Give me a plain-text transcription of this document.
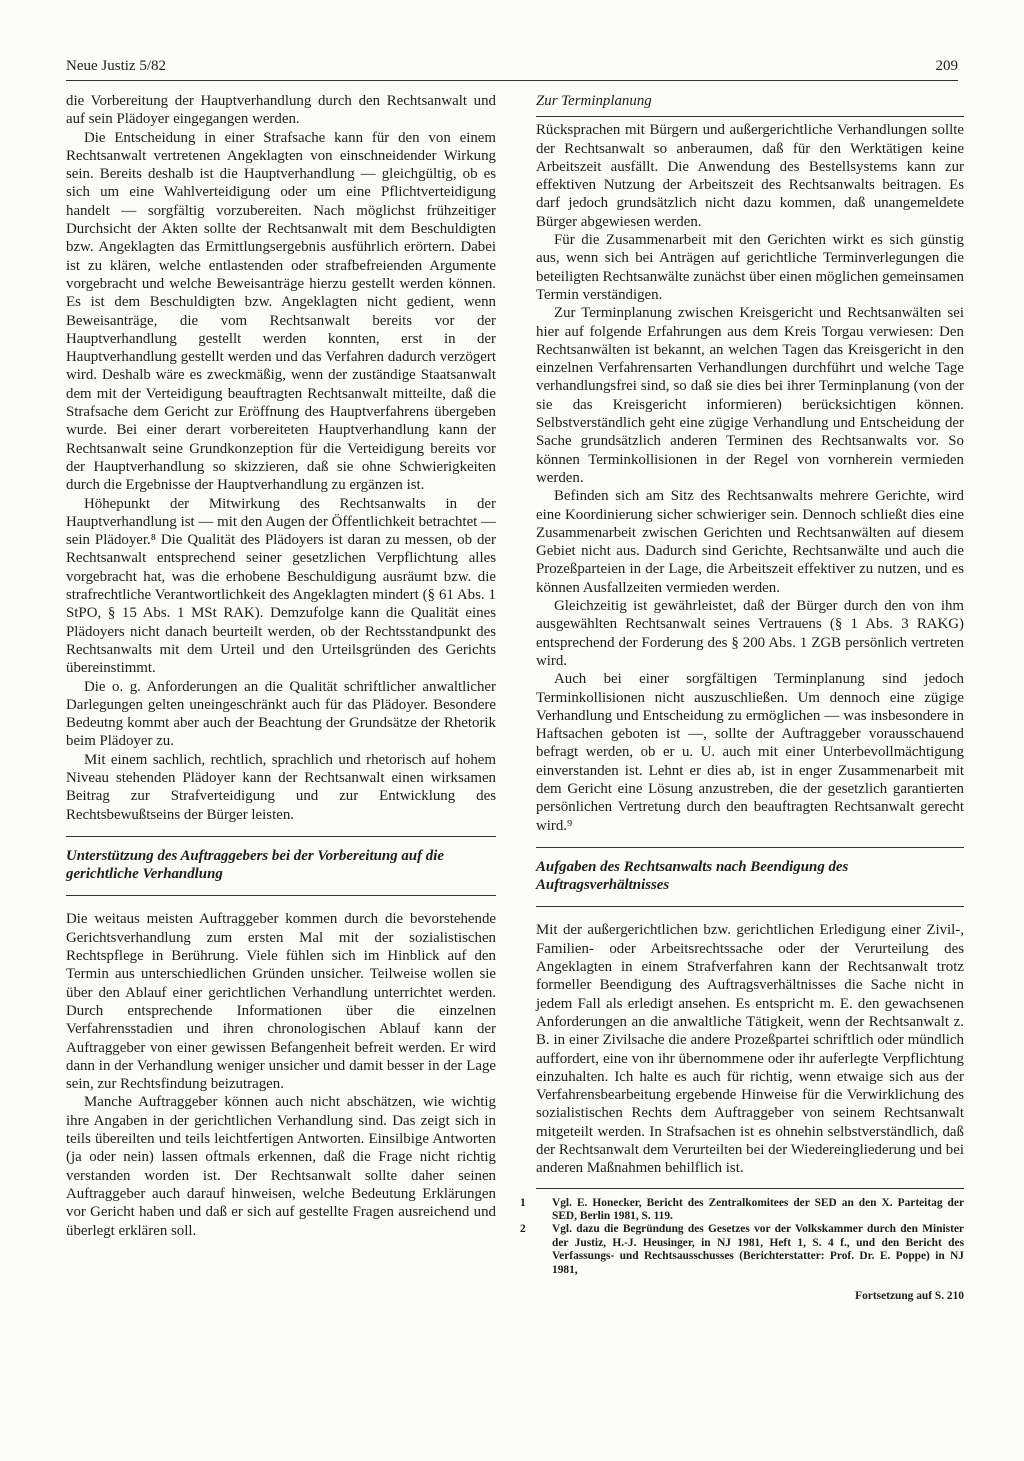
Neue Justiz 5/82	209

die Vorbereitung der Hauptverhandlung durch den Rechtsanwalt und auf sein Plädoyer eingegangen werden.

Die Entscheidung in einer Strafsache kann für den von einem Rechtsanwalt vertretenen Angeklagten von einschneidender Wirkung sein. Bereits deshalb ist die Hauptverhandlung — gleichgültig, ob es sich um eine Wahlverteidigung oder um eine Pflichtverteidigung handelt — sorgfältig vorzubereiten. Nach möglichst frühzeitiger Durchsicht der Akten sollte der Rechtsanwalt mit dem Beschuldigten bzw. Angeklagten das Ermittlungsergebnis ausführlich erörtern. Dabei ist zu klären, welche entlastenden oder strafbefreienden Argumente vorgebracht und welche Beweisanträge hierzu gestellt werden können. Es ist dem Beschuldigten bzw. Angeklagten nicht gedient, wenn Beweisanträge, die vom Rechtsanwalt bereits vor der Hauptverhandlung gestellt werden konnten, erst in der Hauptverhandlung gestellt werden und das Verfahren dadurch verzögert wird. Deshalb wäre es zweckmäßig, wenn der zuständige Staatsanwalt dem mit der Verteidigung beauftragten Rechtsanwalt mitteilte, daß die Strafsache dem Gericht zur Eröffnung des Hauptverfahrens übergeben wurde. Bei einer derart vorbereiteten Hauptverhandlung kann der Rechtsanwalt seine Grundkonzeption für die Verteidigung bereits vor der Hauptverhandlung so skizzieren, daß sie ohne Schwierigkeiten durch die Ergebnisse der Hauptverhandlung zu ergänzen ist.

Höhepunkt der Mitwirkung des Rechtsanwalts in der Hauptverhandlung ist — mit den Augen der Öffentlichkeit betrachtet — sein Plädoyer.⁸ Die Qualität des Plädoyers ist daran zu messen, ob der Rechtsanwalt entsprechend seiner gesetzlichen Verpflichtung alles vorgebracht hat, was die erhobene Beschuldigung ausräumt bzw. die strafrechtliche Verantwortlichkeit des Angeklagten mindert (§ 61 Abs. 1 StPO, § 15 Abs. 1 MSt RAK). Demzufolge kann die Qualität eines Plädoyers nicht danach beurteilt werden, ob der Rechtsstandpunkt des Rechtsanwalts mit dem Urteil und den Urteilsgründen des Gerichts übereinstimmt.

Die o. g. Anforderungen an die Qualität schriftlicher anwaltlicher Darlegungen gelten uneingeschränkt auch für das Plädoyer. Besondere Bedeutng kommt aber auch der Beachtung der Grundsätze der Rhetorik beim Plädoyer zu.

Mit einem sachlich, rechtlich, sprachlich und rhetorisch auf hohem Niveau stehenden Plädoyer kann der Rechtsanwalt einen wirksamen Beitrag zur Strafverteidigung und zur Entwicklung des Rechtsbewußtseins der Bürger leisten.

Unterstützung des Auftraggebers bei der Vorbereitung auf die gerichtliche Verhandlung

Die weitaus meisten Auftraggeber kommen durch die bevorstehende Gerichtsverhandlung zum ersten Mal mit der sozialistischen Rechtspflege in Berührung. Viele fühlen sich im Hinblick auf den Termin aus unterschiedlichen Gründen unsicher. Teilweise wollen sie über den Ablauf einer gerichtlichen Verhandlung unterrichtet werden. Durch entsprechende Informationen über die einzelnen Verfahrensstadien und ihren chronologischen Ablauf kann der Auftraggeber von einer gewissen Befangenheit befreit werden. Er wird dann in der Verhandlung weniger unsicher und damit besser in der Lage sein, zur Rechtsfindung beizutragen.

Manche Auftraggeber können auch nicht abschätzen, wie wichtig ihre Angaben in der gerichtlichen Verhandlung sind. Das zeigt sich in teils übereilten und teils leichtfertigen Antworten. Einsilbige Antworten (ja oder nein) lassen oftmals erkennen, daß die Frage nicht richtig verstanden worden ist. Der Rechtsanwalt sollte daher seinen Auftraggeber auch darauf hinweisen, welche Bedeutung Erklärungen vor Gericht haben und daß er sich auf gestellte Fragen ausreichend und überlegt erklären soll.

Zur Terminplanung

Rücksprachen mit Bürgern und außergerichtliche Verhandlungen sollte der Rechtsanwalt so anberaumen, daß für den Werktätigen keine Arbeitszeit ausfällt. Die Anwendung des Bestellsystems kann zur effektiven Nutzung der Arbeitszeit des Rechtsanwalts beitragen. Es darf jedoch grundsätzlich nicht dazu kommen, daß unangemeldete Bürger abgewiesen werden.

Für die Zusammenarbeit mit den Gerichten wirkt es sich günstig aus, wenn sich bei Anträgen auf gerichtliche Terminverlegungen die beteiligten Rechtsanwälte zunächst über einen möglichen gemeinsamen Termin verständigen.

Zur Terminplanung zwischen Kreisgericht und Rechtsanwälten sei hier auf folgende Erfahrungen aus dem Kreis Torgau verwiesen: Den Rechtsanwälten ist bekannt, an welchen Tagen das Kreisgericht in den einzelnen Verfahrensarten Verhandlungen durchführt und welche Tage verhandlungsfrei sind, so daß sie dies bei ihrer Terminplanung (von der sie das Kreisgericht informieren) berücksichtigen können. Selbstverständlich geht eine zügige Verhandlung und Entscheidung der Sache grundsätzlich anderen Terminen des Rechtsanwalts vor. So können Terminkollisionen in der Regel von vornherein vermieden werden.

Befinden sich am Sitz des Rechtsanwalts mehrere Gerichte, wird eine Koordinierung sicher schwieriger sein. Dennoch schließt dies eine Zusammenarbeit zwischen Gerichten und Rechtsanwälten auf diesem Gebiet nicht aus. Dadurch sind Gerichte, Rechtsanwälte und auch die Prozeßparteien in der Lage, die Arbeitszeit effektiver zu nutzen, und es können Ausfallzeiten vermieden werden.

Gleichzeitig ist gewährleistet, daß der Bürger durch den von ihm ausgewählten Rechtsanwalt seines Vertrauens (§ 1 Abs. 3 RAKG) entsprechend der Forderung des § 200 Abs. 1 ZGB persönlich vertreten wird.

Auch bei einer sorgfältigen Terminplanung sind jedoch Terminkollisionen nicht auszuschließen. Um dennoch eine zügige Verhandlung und Entscheidung zu ermöglichen — was insbesondere in Haftsachen geboten ist —, sollte der Auftraggeber vorausschauend befragt werden, ob er u. U. auch mit einer Unterbevollmächtigung einverstanden ist. Lehnt er dies ab, ist in enger Zusammenarbeit mit dem Gericht eine Lösung anzustreben, die der gesetzlich garantierten persönlichen Vertretung durch den beauftragten Rechtsanwalt gerecht wird.⁹

Aufgaben des Rechtsanwalts nach Beendigung des Auftragsverhältnisses

Mit der außergerichtlichen bzw. gerichtlichen Erledigung einer Zivil-, Familien- oder Arbeitsrechtssache oder der Verurteilung des Angeklagten in einem Strafverfahren kann der Rechtsanwalt trotz formeller Beendigung des Auftragsverhältnisses die Sache nicht in jedem Fall als erledigt ansehen. Es entspricht m. E. den gewachsenen Anforderungen an die anwaltliche Tätigkeit, wenn der Rechtsanwalt z. B. in einer Zivilsache die andere Prozeßpartei schriftlich oder mündlich auffordert, eine von ihr übernommene oder ihr auferlegte Verpflichtung einzuhalten. Ich halte es auch für richtig, wenn etwaige sich aus der Verfahrensbearbeitung ergebende Hinweise für die Verwirklichung des sozialistischen Rechts dem Auftraggeber von seinem Rechtsanwalt mitgeteilt werden. In Strafsachen ist es ohnehin selbstverständlich, daß der Rechtsanwalt dem Verurteilten bei der Wiedereingliederung und bei anderen Maßnahmen behilflich ist.

1 Vgl. E. Honecker, Bericht des Zentralkomitees der SED an den X. Parteitag der SED, Berlin 1981, S. 119.

2 Vgl. dazu die Begründung des Gesetzes vor der Volkskammer durch den Minister der Justiz, H.-J. Heusinger, in NJ 1981, Heft 1, S. 4 f., und den Bericht des Verfassungs- und Rechtsausschusses (Berichterstatter: Prof. Dr. E. Poppe) in NJ 1981,

Fortsetzung auf S. 210
